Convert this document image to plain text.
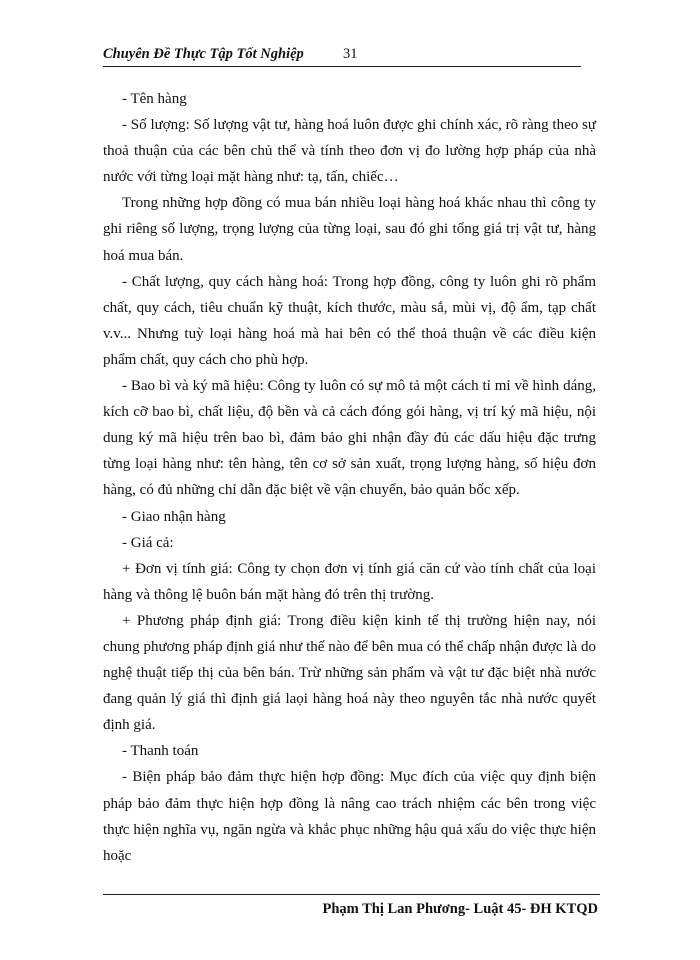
Chuyên Đề Thực Tập Tốt Nghiệp	31

- Tên hàng

- Số lượng: Số lượng vật tư, hàng hoá luôn được ghi chính xác, rõ ràng theo sự thoả thuận của các bên chủ thể và tính theo đơn vị đo lường hợp pháp của nhà nước với từng loại mặt hàng như: tạ, tấn, chiếc…

Trong những hợp đồng có mua bán nhiều loại hàng hoá khác nhau thì công ty ghi riêng số lượng, trọng lượng của từng loại, sau đó ghi tổng giá trị vật tư, hàng hoá mua bán.

- Chất lượng, quy cách hàng hoá: Trong hợp đồng, công ty luôn ghi rõ phẩm chất, quy cách, tiêu chuẩn kỹ thuật, kích thước, màu sắ, mùi vị, độ ẩm, tạp chất v.v... Nhưng tuỳ loại hàng hoá mà hai bên có thể thoả thuận về các điều kiện phẩm chất, quy cách cho phù hợp.

- Bao bì và ký mã hiệu: Công ty luôn có sự mô tả một cách tỉ mỉ về hình dáng, kích cỡ bao bì, chất liệu, độ bền và cả cách đóng gói hàng, vị trí ký mã hiệu, nội dung ký mã hiệu trên bao bì, đảm bảo ghi nhận đầy đủ các dấu hiệu đặc trưng từng loại hàng như: tên hàng, tên cơ sở sản xuất, trọng lượng hàng, số hiệu đơn hàng, có đủ những chỉ dẫn đặc biệt về vận chuyển, bảo quản bốc xếp.

- Giao nhận hàng

- Giá cả:

+ Đơn vị tính giá: Công ty chọn đơn vị tính giá căn cứ vào tính chất của loại hàng và thông lệ buôn bán mặt hàng đó trên thị trường.

+ Phương pháp định giá: Trong điều kiện kinh tế thị trường hiện nay, nói chung phương pháp định giá như thế nào để bên mua có thể chấp nhận được là do nghệ thuật tiếp thị của bên bán. Trừ những sản phẩm và vật tư đặc biệt nhà nước đang quản lý giá thì định giá laọi hàng hoá này theo nguyên tắc nhà nước quyết định giá.

- Thanh toán

- Biện pháp bảo đảm thực hiện hợp đồng: Mục đích của việc quy định biện pháp bảo đảm thực hiện hợp đồng là nâng cao trách nhiệm các bên trong việc thực hiện nghĩa vụ, ngăn ngừa và khắc phục những hậu quả xấu do việc thực hiện hoặc

Phạm Thị Lan Phương- Luật 45- ĐH KTQD
